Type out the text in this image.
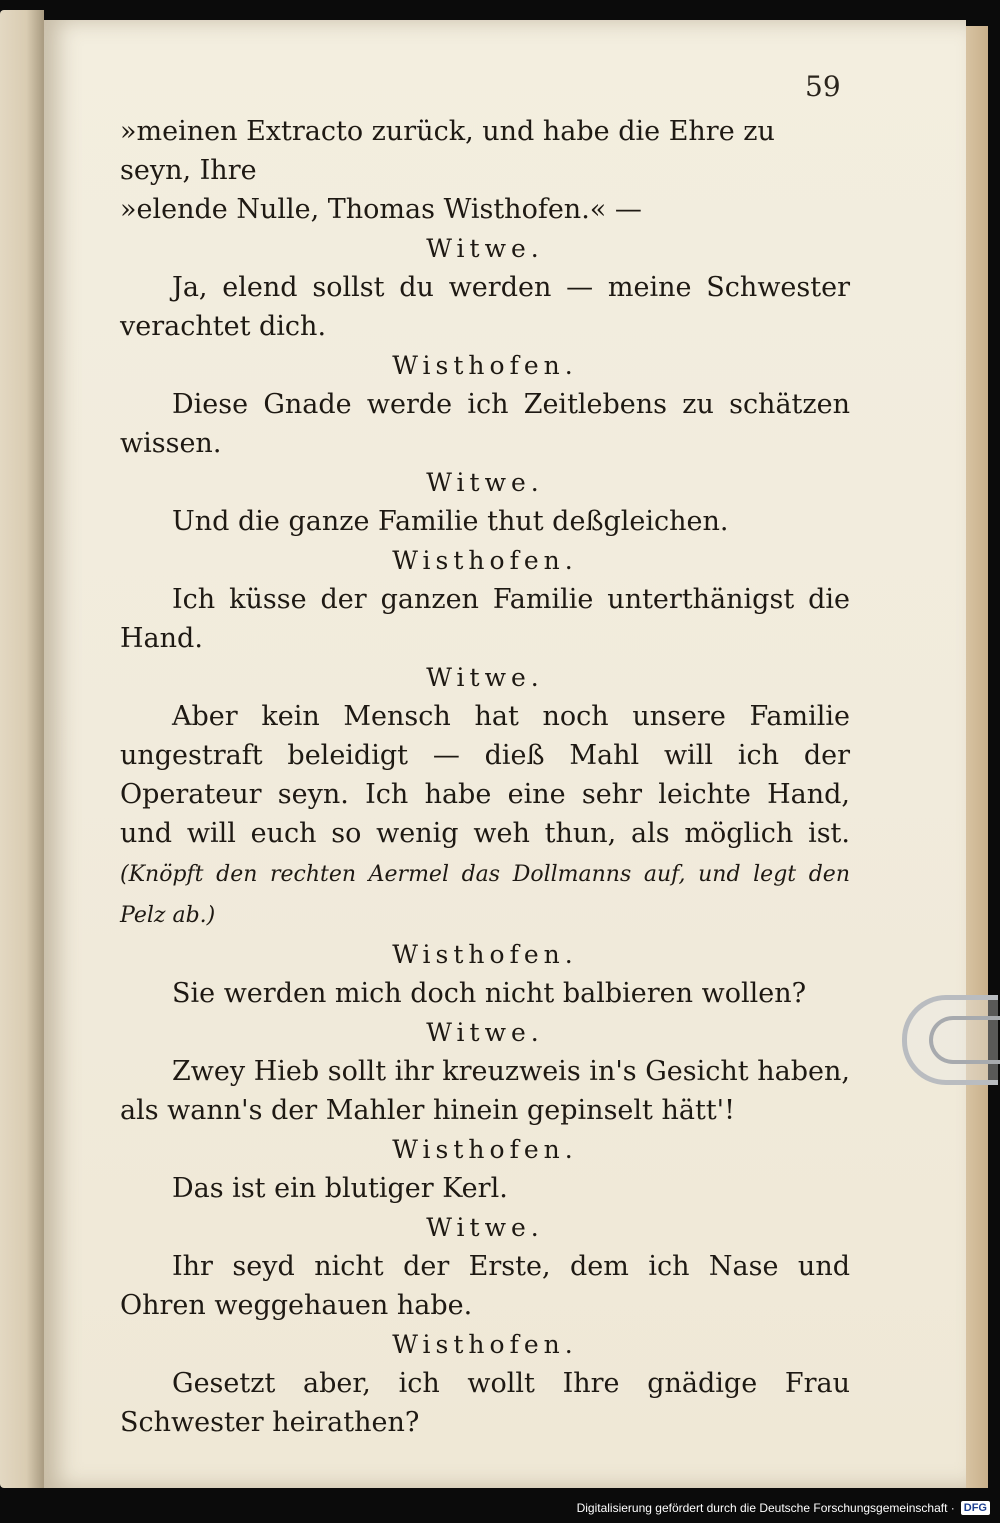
59

»meinen Extracto zurück, und habe die Ehre zu seyn, Ihre

»elende Nulle, Thomas Wisthofen.« —

Witwe.

Ja, elend sollst du werden — meine Schwester verachtet dich.

Wisthofen.

Diese Gnade werde ich Zeitlebens zu schätzen wissen.

Witwe.

Und die ganze Familie thut deßgleichen.

Wisthofen.

Ich küsse der ganzen Familie unterthänigst die Hand.

Witwe.

Aber kein Mensch hat noch unsere Familie ungestraft beleidigt — dieß Mahl will ich der Operateur seyn. Ich habe eine sehr leichte Hand, und will euch so wenig weh thun, als möglich ist. (Knöpft den rechten Aermel das Dollmanns auf, und legt den Pelz ab.)

Wisthofen.

Sie werden mich doch nicht balbieren wollen?

Witwe.

Zwey Hieb sollt ihr kreuzweis in's Gesicht haben, als wann's der Mahler hinein gepinselt hätt'!

Wisthofen.

Das ist ein blutiger Kerl.

Witwe.

Ihr seyd nicht der Erste, dem ich Nase und Ohren weggehauen habe.

Wisthofen.

Gesetzt aber, ich wollt Ihre gnädige Frau Schwester heirathen?

Digitalisierung gefördert durch die Deutsche Forschungsgemeinschaft · DFG
